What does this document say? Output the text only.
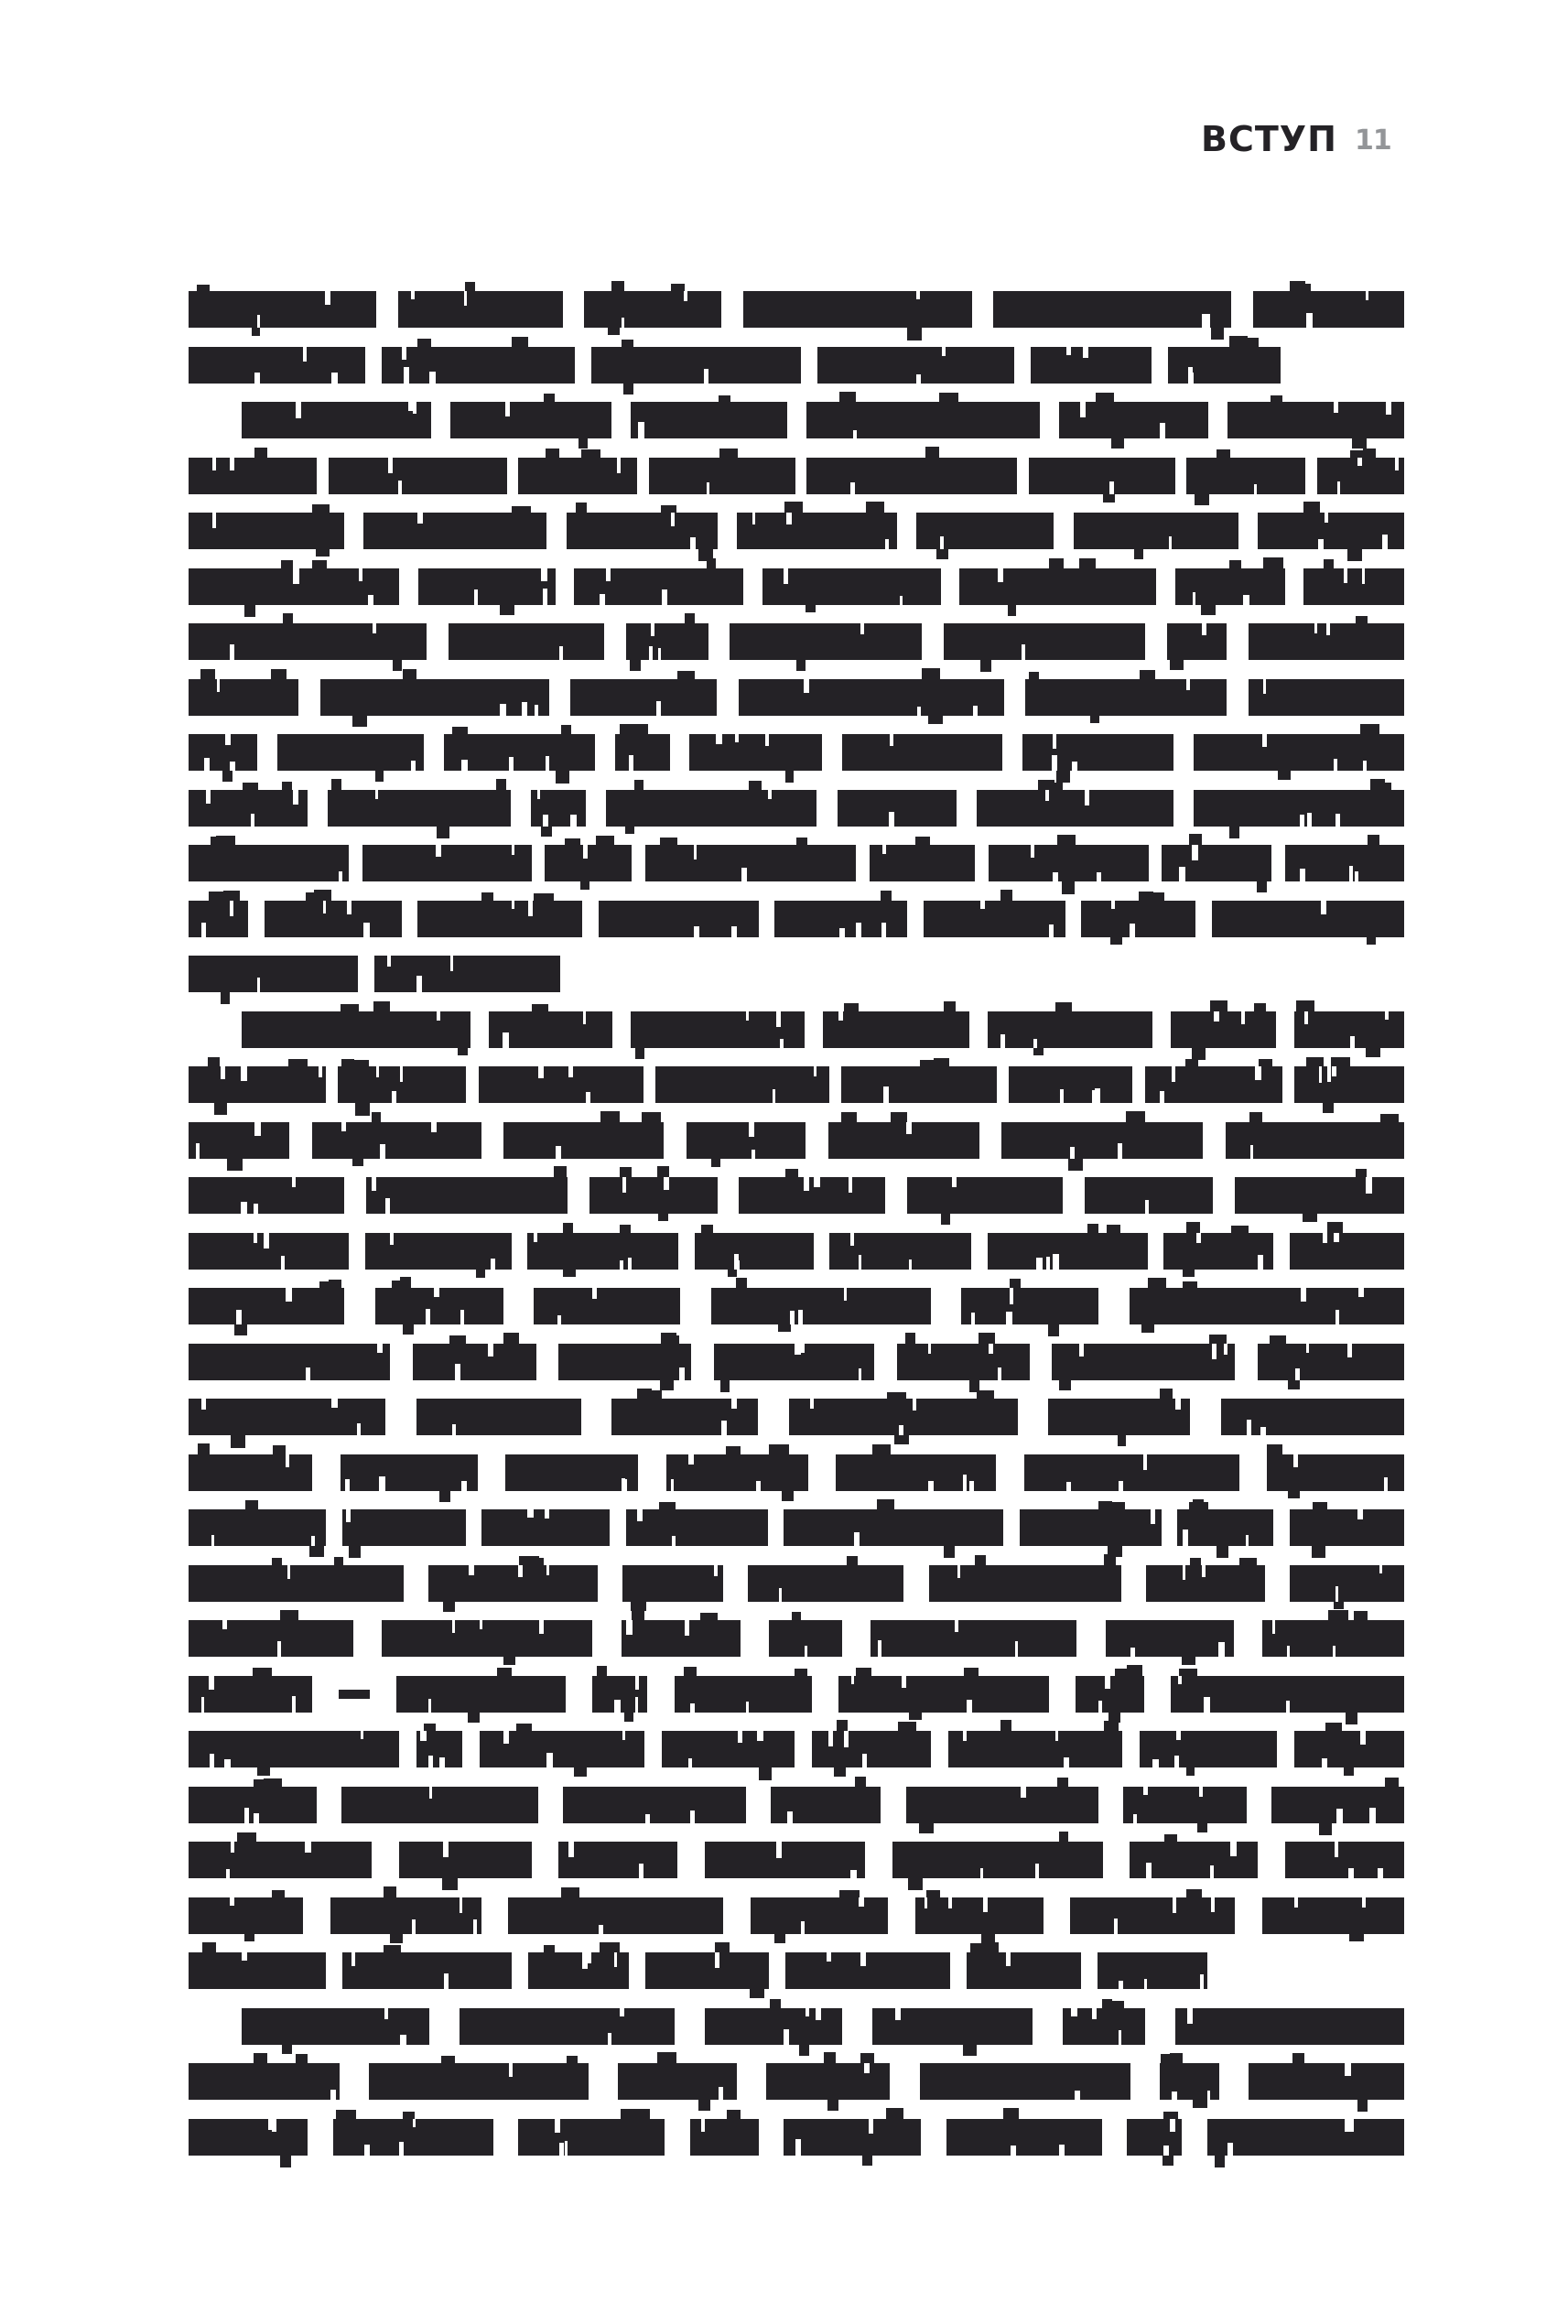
ВСТУП 11
